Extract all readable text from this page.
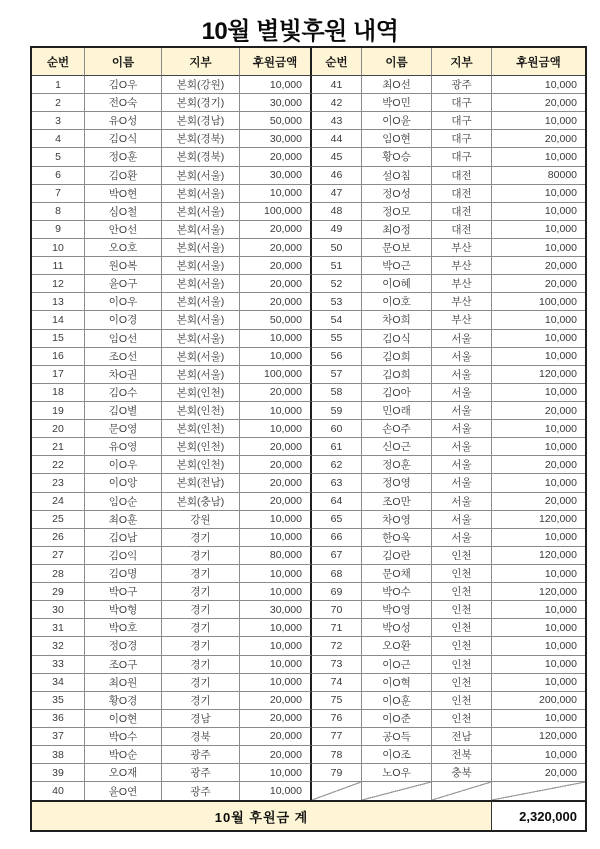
10월 별빛후원 내역
순번	이름	지부	후원금액	순번	이름	지부	후원금액
1	김O우	본회(강원)	10,000	41	최O선	광주	10,000
2	전O숙	본회(경기)	30,000	42	박O민	대구	20,000
3	유O성	본회(경남)	50,000	43	이O윤	대구	10,000
4	김O식	본회(경북)	30,000	44	임O현	대구	20,000
5	정O훈	본회(경북)	20,000	45	황O승	대구	10,000
6	김O환	본회(서울)	30,000	46	설O침	대전	80000
7	박O현	본회(서울)	10,000	47	정O성	대전	10,000
8	심O철	본회(서울)	100,000	48	정O모	대전	10,000
9	안O선	본회(서울)	20,000	49	최O정	대전	10,000
10	오O호	본회(서울)	20,000	50	문O보	부산	10,000
11	원O복	본회(서울)	20,000	51	박O근	부산	20,000
12	윤O구	본회(서울)	20,000	52	이O혜	부산	20,000
13	이O우	본회(서울)	20,000	53	이O호	부산	100,000
14	이O경	본회(서울)	50,000	54	차O희	부산	10,000
15	임O선	본회(서울)	10,000	55	김O식	서울	10,000
16	조O선	본회(서울)	10,000	56	김O희	서울	10,000
17	차O권	본회(서울)	100,000	57	김O희	서울	120,000
18	김O수	본회(인천)	20,000	58	김O아	서울	10,000
19	김O별	본회(인천)	10,000	59	민O래	서울	20,000
20	문O영	본회(인천)	10,000	60	손O주	서울	10,000
21	유O영	본회(인천)	20,000	61	신O근	서울	10,000
22	이O우	본회(인천)	20,000	62	정O훈	서울	20,000
23	이O앙	본회(전남)	20,000	63	정O영	서울	10,000
24	임O순	본회(충남)	20,000	64	조O만	서울	20,000
25	최O훈	강원	10,000	65	차O영	서울	120,000
26	김O남	경기	10,000	66	한O욱	서울	10,000
27	김O익	경기	80,000	67	김O란	인천	120,000
28	김O명	경기	10,000	68	문O채	인천	10,000
29	박O구	경기	10,000	69	박O수	인천	120,000
30	박O형	경기	30,000	70	박O영	인천	10,000
31	박O호	경기	10,000	71	박O성	인천	10,000
32	정O경	경기	10,000	72	오O환	인천	10,000
33	조O구	경기	10,000	73	이O근	인천	10,000
34	최O원	경기	10,000	74	이O혁	인천	10,000
35	황O경	경기	20,000	75	이O훈	인천	200,000
36	이O현	경남	20,000	76	이O준	인천	10,000
37	박O수	경북	20,000	77	공O득	전남	120,000
38	박O순	광주	20,000	78	이O조	전북	10,000
39	오O재	광주	10,000	79	노O우	충북	20,000
40	윤O연	광주	10,000
10월 후원금 계	2,320,000
